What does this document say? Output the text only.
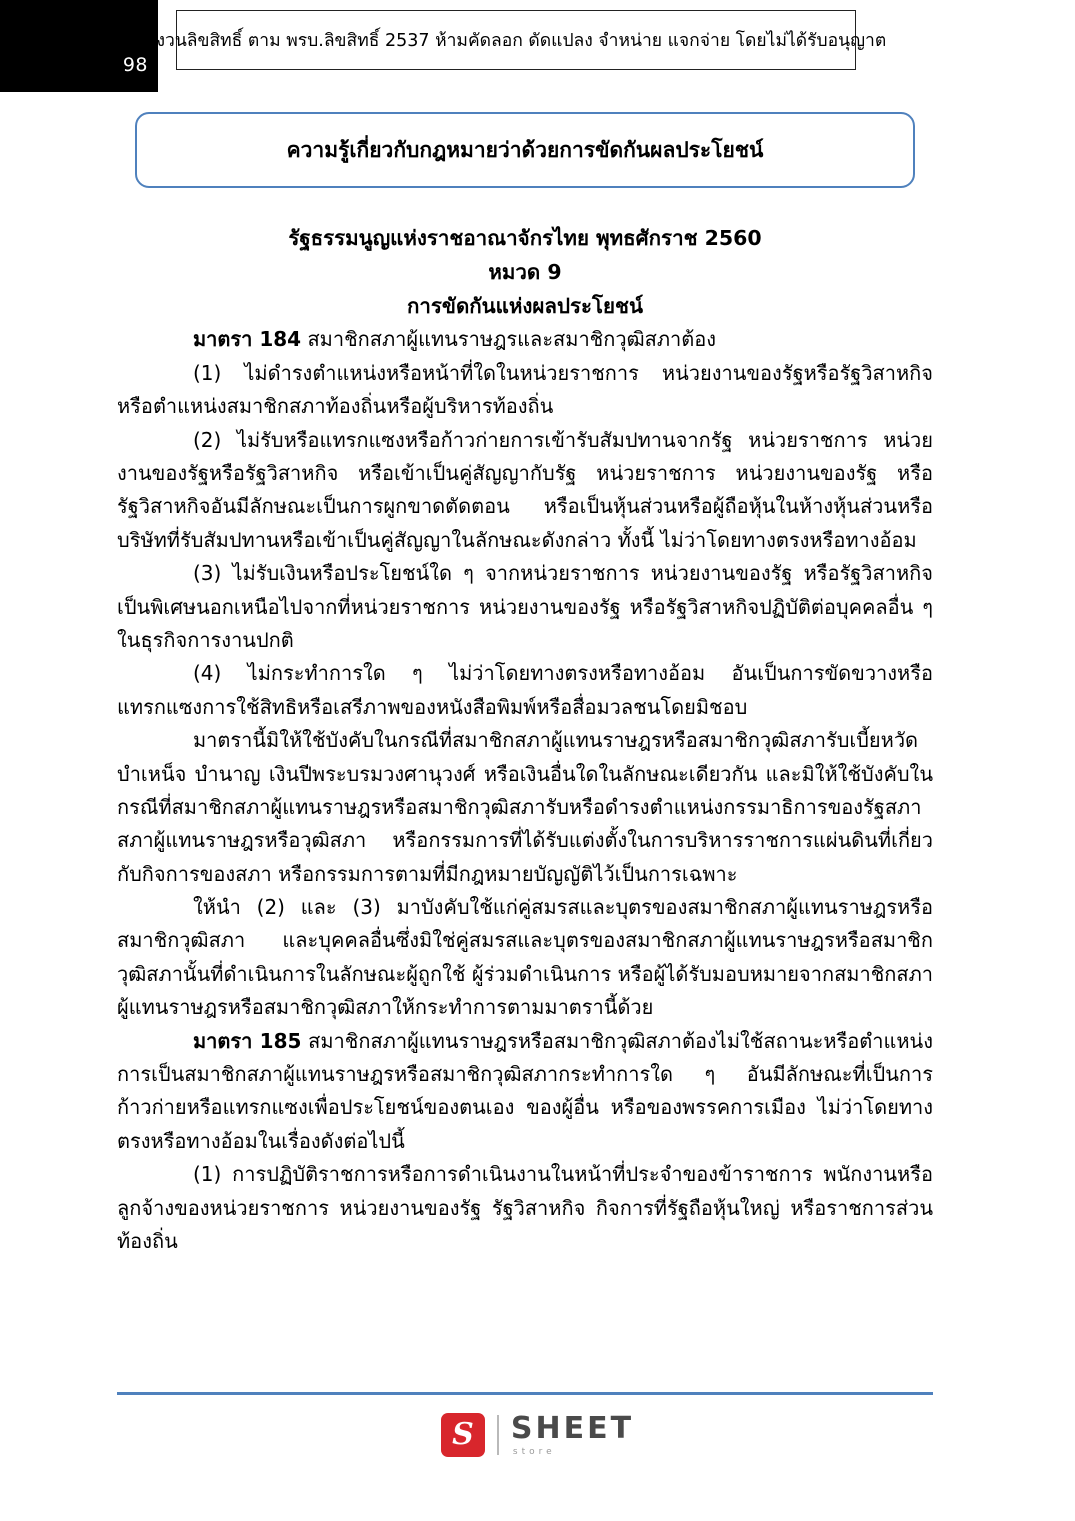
98
สงวนลิขสิทธิ์ ตาม พรบ.ลิขสิทธิ์ 2537 ห้ามคัดลอก ดัดแปลง จำหน่าย แจกจ่าย โดยไม่ได้รับอนุญาต
ความรู้เกี่ยวกับกฎหมายว่าด้วยการขัดกันผลประโยชน์
รัฐธรรมนูญแห่งราชอาณาจักรไทย พุทธศักราช 2560
หมวด 9
การขัดกันแห่งผลประโยชน์

มาตรา 184 สมาชิกสภาผู้แทนราษฎรและสมาชิกวุฒิสภาต้อง

(1) ไม่ดำรงตำแหน่งหรือหน้าที่ใดในหน่วยราชการ หน่วยงานของรัฐหรือรัฐวิสาหกิจหรือตำแหน่งสมาชิกสภาท้องถิ่นหรือผู้บริหารท้องถิ่น

(2) ไม่รับหรือแทรกแซงหรือก้าวก่ายการเข้ารับสัมปทานจากรัฐ หน่วยราชการ หน่วยงานของรัฐหรือรัฐวิสาหกิจ หรือเข้าเป็นคู่สัญญากับรัฐ หน่วยราชการ หน่วยงานของรัฐ หรือรัฐวิสาหกิจอันมีลักษณะเป็นการผูกขาดตัดตอน หรือเป็นหุ้นส่วนหรือผู้ถือหุ้นในห้างหุ้นส่วนหรือบริษัทที่รับสัมปทานหรือเข้าเป็นคู่สัญญาในลักษณะดังกล่าว ทั้งนี้ ไม่ว่าโดยทางตรงหรือทางอ้อม

(3) ไม่รับเงินหรือประโยชน์ใด ๆ จากหน่วยราชการ หน่วยงานของรัฐ หรือรัฐวิสาหกิจเป็นพิเศษนอกเหนือไปจากที่หน่วยราชการ หน่วยงานของรัฐ หรือรัฐวิสาหกิจปฏิบัติต่อบุคคลอื่น ๆ ในธุรกิจการงานปกติ

(4) ไม่กระทำการใด ๆ ไม่ว่าโดยทางตรงหรือทางอ้อม อันเป็นการขัดขวางหรือแทรกแซงการใช้สิทธิหรือเสรีภาพของหนังสือพิมพ์หรือสื่อมวลชนโดยมิชอบ

มาตรานี้มิให้ใช้บังคับในกรณีที่สมาชิกสภาผู้แทนราษฎรหรือสมาชิกวุฒิสภารับเบี้ยหวัด บำเหน็จ บำนาญ เงินปีพระบรมวงศานุวงศ์ หรือเงินอื่นใดในลักษณะเดียวกัน และมิให้ใช้บังคับในกรณีที่สมาชิกสภาผู้แทนราษฎรหรือสมาชิกวุฒิสภารับหรือดำรงตำแหน่งกรรมาธิการของรัฐสภา สภาผู้แทนราษฎรหรือวุฒิสภา หรือกรรมการที่ได้รับแต่งตั้งในการบริหารราชการแผ่นดินที่เกี่ยวกับกิจการของสภา หรือกรรมการตามที่มีกฎหมายบัญญัติไว้เป็นการเฉพาะ

ให้นำ (2) และ (3) มาบังคับใช้แก่คู่สมรสและบุตรของสมาชิกสภาผู้แทนราษฎรหรือสมาชิกวุฒิสภา และบุคคลอื่นซึ่งมิใช่คู่สมรสและบุตรของสมาชิกสภาผู้แทนราษฎรหรือสมาชิกวุฒิสภานั้นที่ดำเนินการในลักษณะผู้ถูกใช้ ผู้ร่วมดำเนินการ หรือผู้ได้รับมอบหมายจากสมาชิกสภาผู้แทนราษฎรหรือสมาชิกวุฒิสภาให้กระทำการตามมาตรานี้ด้วย

มาตรา 185 สมาชิกสภาผู้แทนราษฎรหรือสมาชิกวุฒิสภาต้องไม่ใช้สถานะหรือตำแหน่งการเป็นสมาชิกสภาผู้แทนราษฎรหรือสมาชิกวุฒิสภากระทำการใด ๆ อันมีลักษณะที่เป็นการก้าวก่ายหรือแทรกแซงเพื่อประโยชน์ของตนเอง ของผู้อื่น หรือของพรรคการเมือง ไม่ว่าโดยทางตรงหรือทางอ้อมในเรื่องดังต่อไปนี้

(1) การปฏิบัติราชการหรือการดำเนินงานในหน้าที่ประจำของข้าราชการ พนักงานหรือลูกจ้างของหน่วยราชการ หน่วยงานของรัฐ รัฐวิสาหกิจ กิจการที่รัฐถือหุ้นใหญ่ หรือราชการส่วนท้องถิ่น

S	SHEET
store
